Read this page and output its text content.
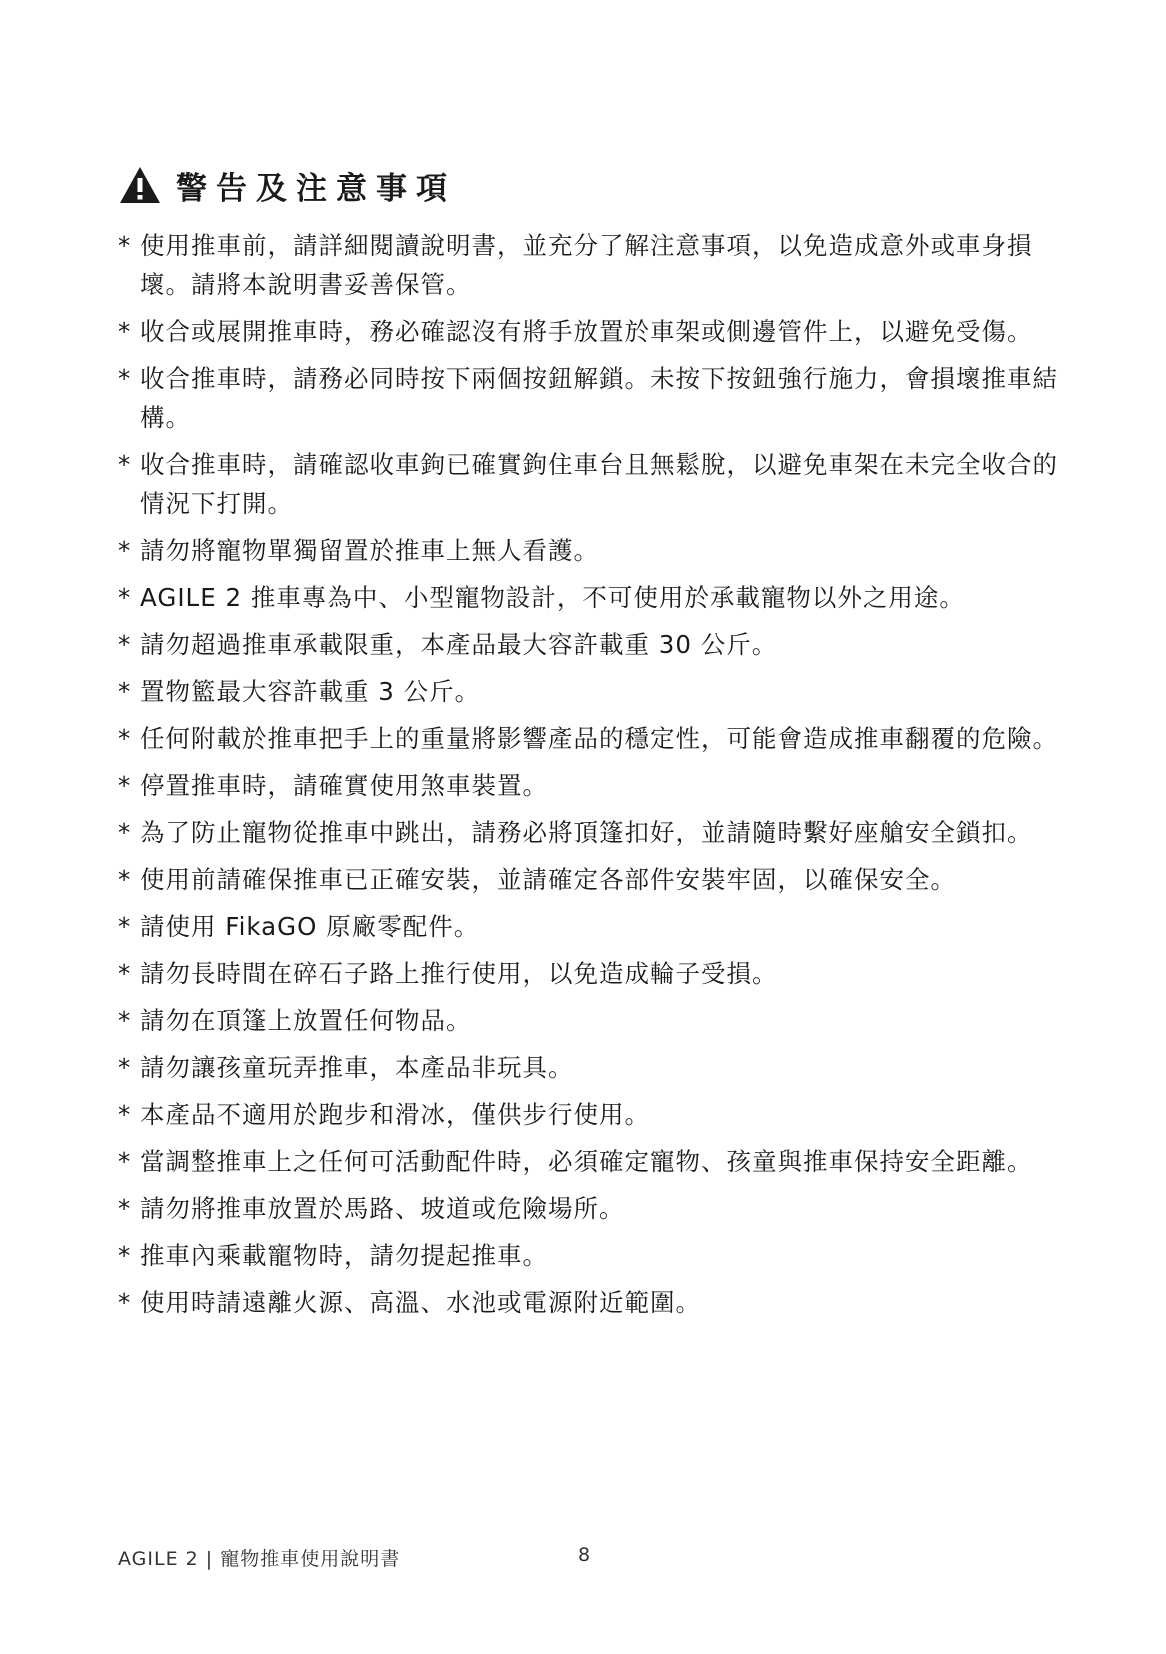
警告及注意事項
* 使用推車前，請詳細閱讀說明書，並充分了解注意事項，以免造成意外或車身損壞。請將本說明書妥善保管。
* 收合或展開推車時，務必確認沒有將手放置於車架或側邊管件上，以避免受傷。
* 收合推車時，請務必同時按下兩個按鈕解鎖。未按下按鈕強行施力，會損壞推車結構。
* 收合推車時，請確認收車鉤已確實鉤住車台且無鬆脫，以避免車架在未完全收合的情況下打開。
* 請勿將寵物單獨留置於推車上無人看護。
* AGILE 2 推車專為中、小型寵物設計，不可使用於承載寵物以外之用途。
* 請勿超過推車承載限重，本產品最大容許載重 30 公斤。
* 置物籃最大容許載重 3 公斤。
* 任何附載於推車把手上的重量將影響產品的穩定性，可能會造成推車翻覆的危險。
* 停置推車時，請確實使用煞車裝置。
* 為了防止寵物從推車中跳出，請務必將頂篷扣好，並請隨時繫好座艙安全鎖扣。
* 使用前請確保推車已正確安裝，並請確定各部件安裝牢固，以確保安全。
* 請使用 FikaGO 原廠零配件。
* 請勿長時間在碎石子路上推行使用，以免造成輪子受損。
* 請勿在頂篷上放置任何物品。
* 請勿讓孩童玩弄推車，本產品非玩具。
* 本產品不適用於跑步和滑冰，僅供步行使用。
* 當調整推車上之任何可活動配件時，必須確定寵物、孩童與推車保持安全距離。
* 請勿將推車放置於馬路、坡道或危險場所。
* 推車內乘載寵物時，請勿提起推車。
* 使用時請遠離火源、高溫、水池或電源附近範圍。
AGILE 2 | 寵物推車使用說明書	8
